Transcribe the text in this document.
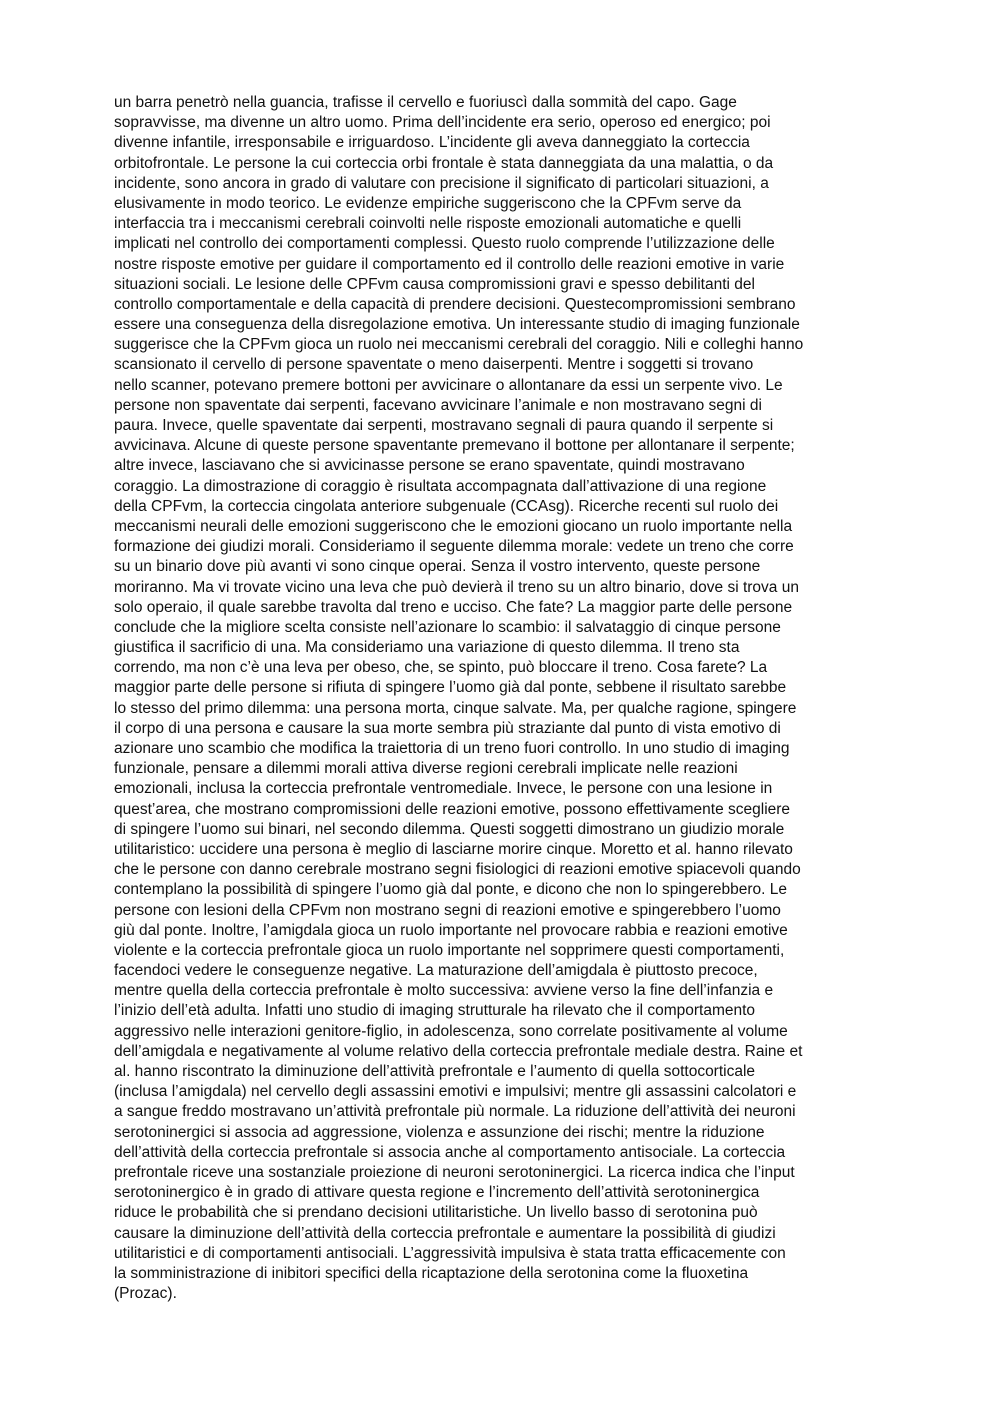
un barra penetrò nella guancia, trafisse il cervello e fuoriuscì dalla sommità del capo. Gage
sopravvisse, ma divenne un altro uomo. Prima dell’incidente era serio, operoso ed energico; poi
divenne infantile, irresponsabile e irriguardoso. L’incidente gli aveva danneggiato la corteccia
orbitofrontale. Le persone la cui corteccia orbi frontale è stata danneggiata da una malattia, o da
incidente, sono ancora in grado di valutare con precisione il significato di particolari situazioni, a
elusivamente in modo teorico. Le evidenze empiriche suggeriscono che la CPFvm serve da
interfaccia tra i meccanismi cerebrali coinvolti nelle risposte emozionali automatiche e quelli
implicati nel controllo dei comportamenti complessi. Questo ruolo comprende l’utilizzazione delle
nostre risposte emotive per guidare il comportamento ed il controllo delle reazioni emotive in varie
situazioni sociali. Le lesione delle CPFvm causa compromissioni gravi e spesso debilitanti del
controllo comportamentale e della capacità di prendere decisioni. Questecompromissioni sembrano
essere una conseguenza della disregolazione emotiva. Un interessante studio di imaging funzionale
suggerisce che la CPFvm gioca un ruolo nei meccanismi cerebrali del coraggio. Nili e colleghi hanno
scansionato il cervello di persone spaventate o meno daiserpenti. Mentre i soggetti si trovano
nello scanner, potevano premere bottoni per avvicinare o allontanare da essi un serpente vivo. Le
persone non spaventate dai serpenti, facevano avvicinare l’animale e non mostravano segni di
paura. Invece, quelle spaventate dai serpenti, mostravano segnali di paura quando il serpente si
avvicinava. Alcune di queste persone spaventante premevano il bottone per allontanare il serpente;
altre invece, lasciavano che si avvicinasse persone se erano spaventate, quindi mostravano
coraggio. La dimostrazione di coraggio è risultata accompagnata dall’attivazione di una regione
della CPFvm, la corteccia cingolata anteriore subgenuale (CCAsg). Ricerche recenti sul ruolo dei
meccanismi neurali delle emozioni suggeriscono che le emozioni giocano un ruolo importante nella
formazione dei giudizi morali. Consideriamo il seguente dilemma morale: vedete un treno che corre
su un binario dove più avanti vi sono cinque operai. Senza il vostro intervento, queste persone
moriranno. Ma vi trovate vicino una leva che può devierà il treno su un altro binario, dove si trova un
solo operaio, il quale sarebbe travolta dal treno e ucciso. Che fate? La maggior parte delle persone
conclude che la migliore scelta consiste nell’azionare lo scambio: il salvataggio di cinque persone
giustifica il sacrificio di una. Ma consideriamo una variazione di questo dilemma. Il treno sta
correndo, ma non c’è una leva per obeso, che, se spinto, può bloccare il treno. Cosa farete? La
maggior parte delle persone si rifiuta di spingere l’uomo già dal ponte, sebbene il risultato sarebbe
lo stesso del primo dilemma: una persona morta, cinque salvate. Ma, per qualche ragione, spingere
il corpo di una persona e causare la sua morte sembra più straziante dal punto di vista emotivo di
azionare uno scambio che modifica la traiettoria di un treno fuori controllo. In uno studio di imaging
funzionale, pensare a dilemmi morali attiva diverse regioni cerebrali implicate nelle reazioni
emozionali, inclusa la corteccia prefrontale ventromediale. Invece, le persone con una lesione in
quest’area, che mostrano compromissioni delle reazioni emotive, possono effettivamente scegliere
di spingere l’uomo sui binari, nel secondo dilemma. Questi soggetti dimostrano un giudizio morale
utilitaristico: uccidere una persona è meglio di lasciarne morire cinque. Moretto et al. hanno rilevato
che le persone con danno cerebrale mostrano segni fisiologici di reazioni emotive spiacevoli quando
contemplano la possibilità di spingere l’uomo già dal ponte, e dicono che non lo spingerebbero. Le
persone con lesioni della CPFvm non mostrano segni di reazioni emotive e spingerebbero l’uomo
giù dal ponte. Inoltre, l’amigdala gioca un ruolo importante nel provocare rabbia e reazioni emotive
violente e la corteccia prefrontale gioca un ruolo importante nel sopprimere questi comportamenti,
facendoci vedere le conseguenze negative. La maturazione dell’amigdala è piuttosto precoce,
mentre quella della corteccia prefrontale è molto successiva: avviene verso la fine dell’infanzia e
l’inizio dell’età adulta. Infatti uno studio di imaging strutturale ha rilevato che il comportamento
aggressivo nelle interazioni genitore-figlio, in adolescenza, sono correlate positivamente al volume
dell’amigdala e negativamente al volume relativo della corteccia prefrontale mediale destra. Raine et
al. hanno riscontrato la diminuzione dell’attività prefrontale e l’aumento di quella sottocorticale
(inclusa l’amigdala) nel cervello degli assassini emotivi e impulsivi; mentre gli assassini calcolatori e
a sangue freddo mostravano un’attività prefrontale più normale. La riduzione dell’attività dei neuroni
serotoninergici si associa ad aggressione, violenza e assunzione dei rischi; mentre la riduzione
dell’attività della corteccia prefrontale si associa anche al comportamento antisociale. La corteccia
prefrontale riceve una sostanziale proiezione di neuroni serotoninergici. La ricerca indica che l’input
serotoninergico è in grado di attivare questa regione e l’incremento dell’attività serotoninergica
riduce le probabilità che si prendano decisioni utilitaristiche. Un livello basso di serotonina può
causare la diminuzione dell’attività della corteccia prefrontale e aumentare la possibilità di giudizi
utilitaristici e di comportamenti antisociali. L’aggressività impulsiva è stata tratta efficacemente con
la somministrazione di inibitori specifici della ricaptazione della serotonina come la fluoxetina
(Prozac).
